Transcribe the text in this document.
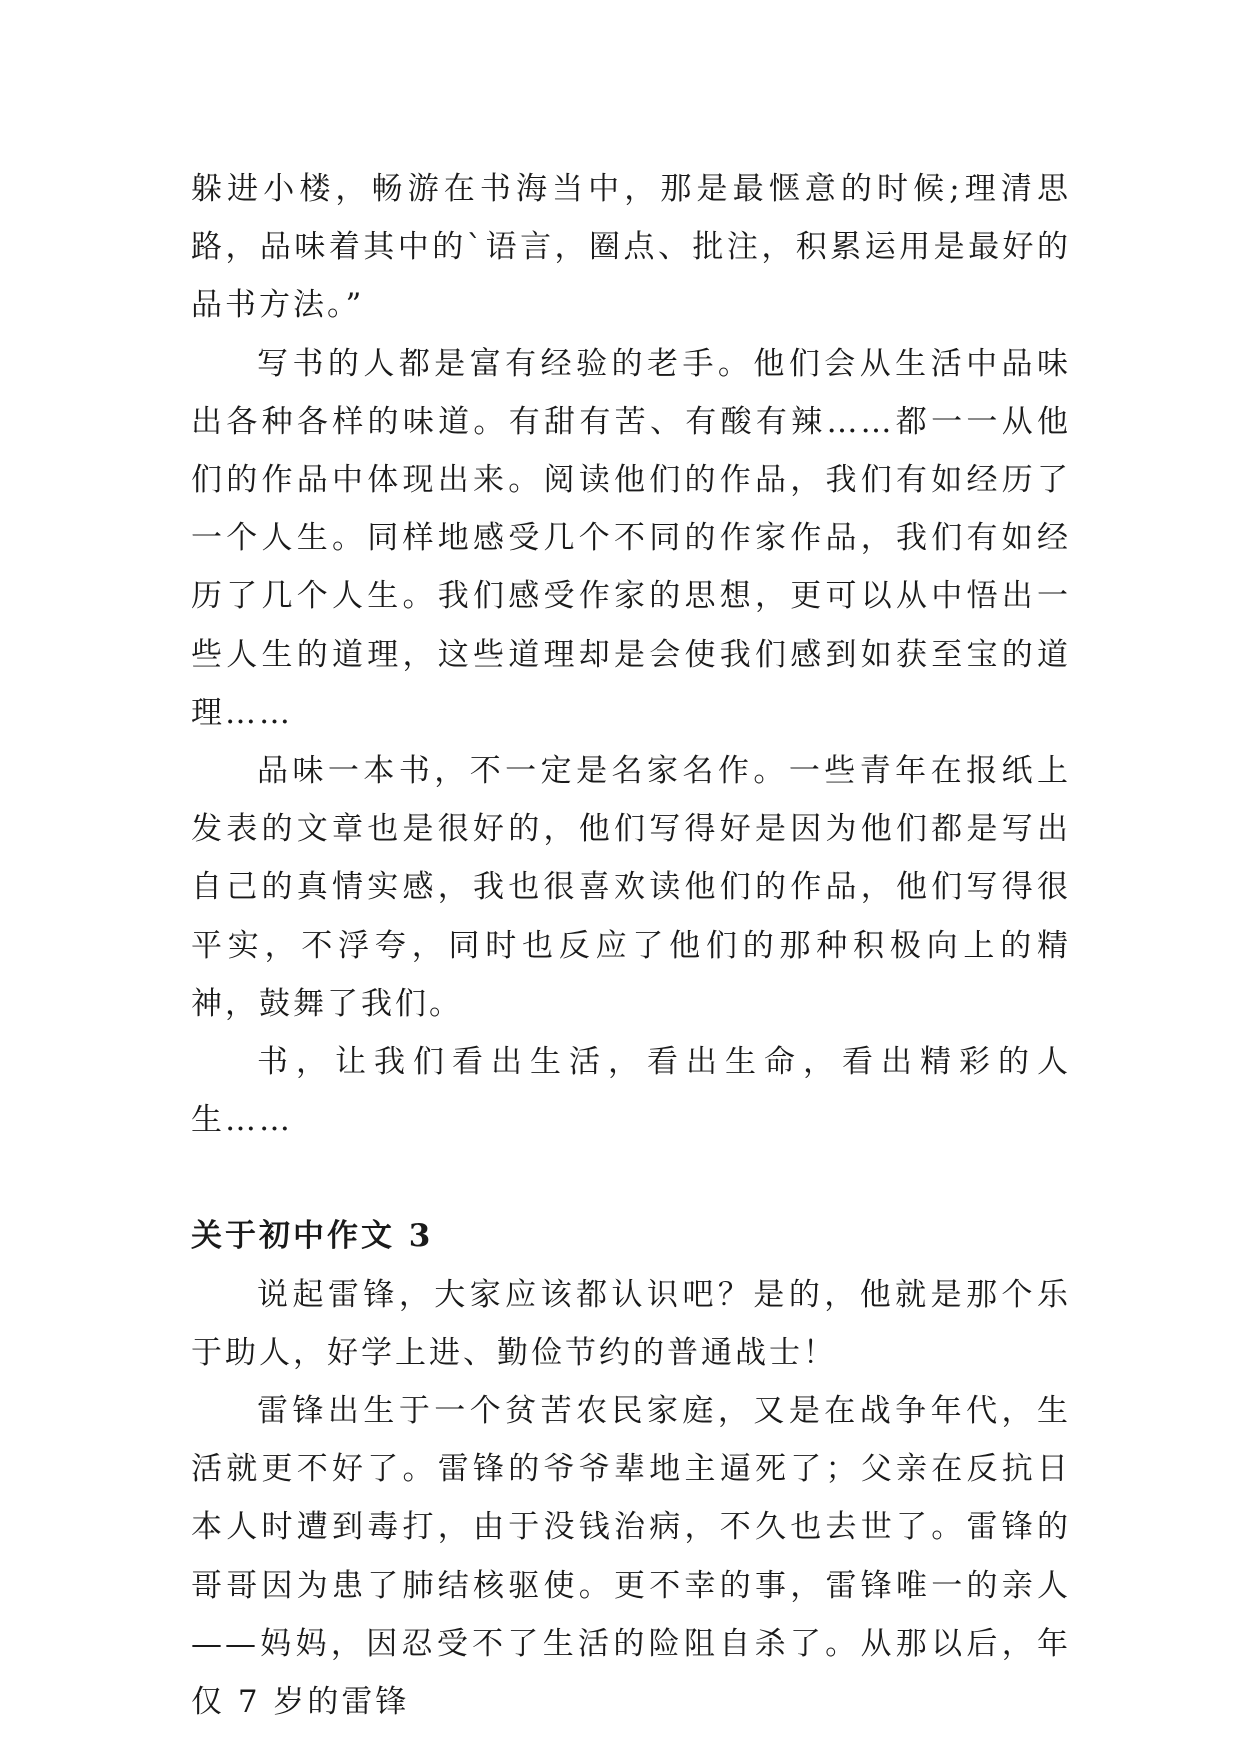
躲进小楼，畅游在书海当中，那是最惬意的时候;理清思路，品味着其中的`语言，圈点、批注，积累运用是最好的品书方法。”

写书的人都是富有经验的老手。他们会从生活中品味出各种各样的味道。有甜有苦、有酸有辣……都一一从他们的作品中体现出来。阅读他们的作品，我们有如经历了一个人生。同样地感受几个不同的作家作品，我们有如经历了几个人生。我们感受作家的思想，更可以从中悟出一些人生的道理，这些道理却是会使我们感到如获至宝的道理……

品味一本书，不一定是名家名作。一些青年在报纸上发表的文章也是很好的，他们写得好是因为他们都是写出自己的真情实感，我也很喜欢读他们的作品，他们写得很平实，不浮夸，同时也反应了他们的那种积极向上的精神，鼓舞了我们。

书，让我们看出生活，看出生命，看出精彩的人生……

关于初中作文 3

说起雷锋，大家应该都认识吧？是的，他就是那个乐于助人，好学上进、勤俭节约的普通战士！

雷锋出生于一个贫苦农民家庭，又是在战争年代，生活就更不好了。雷锋的爷爷辈地主逼死了；父亲在反抗日本人时遭到毒打，由于没钱治病，不久也去世了。雷锋的哥哥因为患了肺结核驱使。更不幸的事，雷锋唯一的亲人——妈妈，因忍受不了生活的险阻自杀了。从那以后，年仅 7 岁的雷锋
